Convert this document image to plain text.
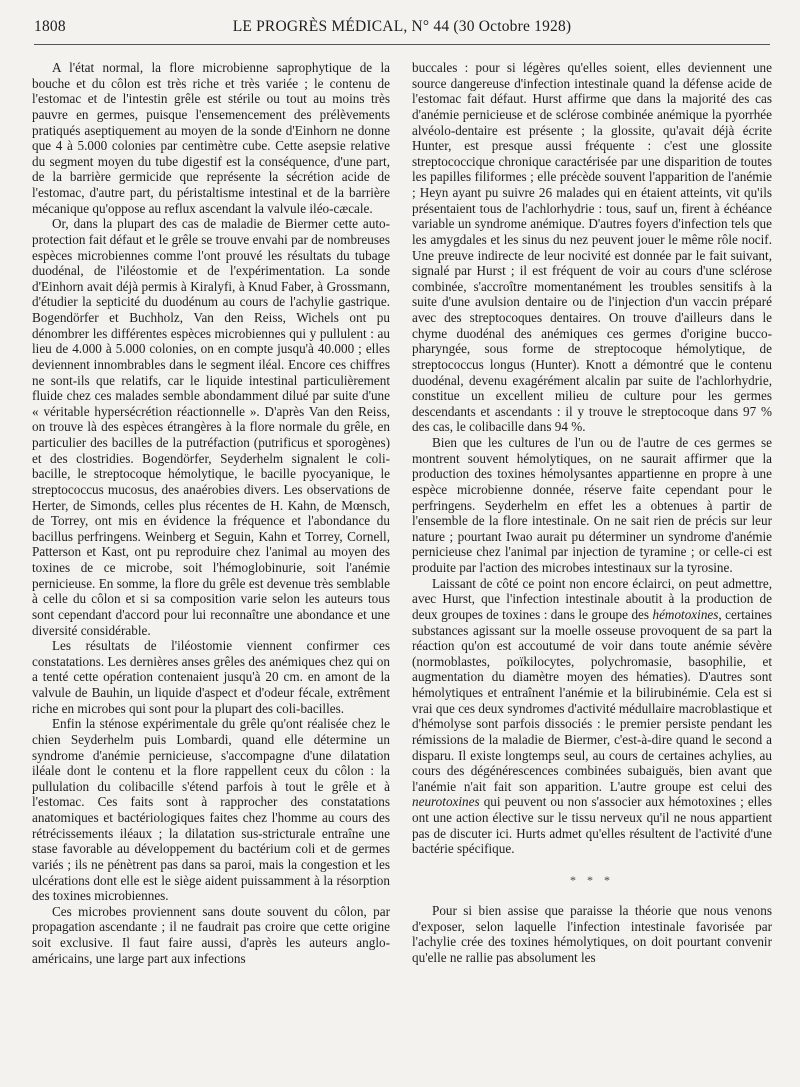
1808	LE PROGRÈS MÉDICAL, N° 44 (30 Octobre 1928)

A l'état normal, la flore microbienne saprophytique de la bouche et du côlon est très riche et très variée ; le contenu de l'estomac et de l'intestin grêle est stérile ou tout au moins très pauvre en germes, puisque l'ensemencement des prélèvements pratiqués aseptiquement au moyen de la sonde d'Einhorn ne donne que 4 à 5.000 colonies par centimètre cube. Cette asepsie relative du segment moyen du tube digestif est la conséquence, d'une part, de la barrière germicide que représente la sécrétion acide de l'estomac, d'autre part, du péristaltisme intestinal et de la barrière mécanique qu'oppose au reflux ascendant la valvule iléo-cæcale.

Or, dans la plupart des cas de maladie de Biermer cette auto-protection fait défaut et le grêle se trouve envahi par de nombreuses espèces microbiennes comme l'ont prouvé les résultats du tubage duodénal, de l'iléostomie et de l'expérimentation. La sonde d'Einhorn avait déjà permis à Kiralyfi, à Knud Faber, à Grossmann, d'étudier la septicité du duodénum au cours de l'achylie gastrique. Bogendörfer et Buchholz, Van den Reiss, Wichels ont pu dénombrer les différentes espèces microbiennes qui y pullulent : au lieu de 4.000 à 5.000 colonies, on en compte jusqu'à 40.000 ; elles deviennent innombrables dans le segment iléal. Encore ces chiffres ne sont-ils que relatifs, car le liquide intestinal particulièrement fluide chez ces malades semble abondamment dilué par suite d'une « véritable hypersécrétion réactionnelle ». D'après Van den Reiss, on trouve là des espèces étrangères à la flore normale du grêle, en particulier des bacilles de la putréfaction (putrificus et sporogènes) et des clostridies. Bogendörfer, Seyderhelm signalent le coli-bacille, le streptocoque hémolytique, le bacille pyocyanique, le streptococcus mucosus, des anaérobies divers. Les observations de Herter, de Simonds, celles plus récentes de H. Kahn, de Mœnsch, de Torrey, ont mis en évidence la fréquence et l'abondance du bacillus perfringens. Weinberg et Seguin, Kahn et Torrey, Cornell, Patterson et Kast, ont pu reproduire chez l'animal au moyen des toxines de ce microbe, soit l'hémoglobinurie, soit l'anémie pernicieuse. En somme, la flore du grêle est devenue très semblable à celle du côlon et si sa composition varie selon les auteurs tous sont cependant d'accord pour lui reconnaître une abondance et une diversité considérable.

Les résultats de l'iléostomie viennent confirmer ces constatations. Les dernières anses grêles des anémiques chez qui on a tenté cette opération contenaient jusqu'à 20 cm. en amont de la valvule de Bauhin, un liquide d'aspect et d'odeur fécale, extrêment riche en microbes qui sont pour la plupart des coli-bacilles.

Enfin la sténose expérimentale du grêle qu'ont réalisée chez le chien Seyderhelm puis Lombardi, quand elle détermine un syndrome d'anémie pernicieuse, s'accompagne d'une dilatation iléale dont le contenu et la flore rappellent ceux du côlon : la pullulation du colibacille s'étend parfois à tout le grêle et à l'estomac. Ces faits sont à rapprocher des constatations anatomiques et bactériologiques faites chez l'homme au cours des rétrécissements iléaux ; la dilatation sus-stricturale entraîne une stase favorable au développement du bactérium coli et de germes variés ; ils ne pénètrent pas dans sa paroi, mais la congestion et les ulcérations dont elle est le siège aident puissamment à la résorption des toxines microbiennes.

Ces microbes proviennent sans doute souvent du côlon, par propagation ascendante ; il ne faudrait pas croire que cette origine soit exclusive. Il faut faire aussi, d'après les auteurs anglo-américains, une large part aux infections

buccales : pour si légères qu'elles soient, elles deviennent une source dangereuse d'infection intestinale quand la défense acide de l'estomac fait défaut. Hurst affirme que dans la majorité des cas d'anémie pernicieuse et de sclérose combinée anémique la pyorrhée alvéolo-dentaire est présente ; la glossite, qu'avait déjà écrite Hunter, est presque aussi fréquente : c'est une glossite streptococcique chronique caractérisée par une disparition de toutes les papilles filiformes ; elle précède souvent l'apparition de l'anémie ; Heyn ayant pu suivre 26 malades qui en étaient atteints, vit qu'ils présentaient tous de l'achlorhydrie : tous, sauf un, firent à échéance variable un syndrome anémique. D'autres foyers d'infection tels que les amygdales et les sinus du nez peuvent jouer le même rôle nocif. Une preuve indirecte de leur nocivité est donnée par le fait suivant, signalé par Hurst ; il est fréquent de voir au cours d'une sclérose combinée, s'accroître momentanément les troubles sensitifs à la suite d'une avulsion dentaire ou de l'injection d'un vaccin préparé avec des streptocoques dentaires. On trouve d'ailleurs dans le chyme duodénal des anémiques ces germes d'origine bucco-pharyngée, sous forme de streptocoque hémolytique, de streptococcus longus (Hunter). Knott a démontré que le contenu duodénal, devenu exagérément alcalin par suite de l'achlorhydrie, constitue un excellent milieu de culture pour les germes descendants et ascendants : il y trouve le streptocoque dans 97 % des cas, le colibacille dans 94 %.

Bien que les cultures de l'un ou de l'autre de ces germes se montrent souvent hémolytiques, on ne saurait affirmer que la production des toxines hémolysantes appartienne en propre à une espèce microbienne donnée, réserve faite cependant pour le perfringens. Seyderhelm en effet les a obtenues à partir de l'ensemble de la flore intestinale. On ne sait rien de précis sur leur nature ; pourtant Iwao aurait pu déterminer un syndrome d'anémie pernicieuse chez l'animal par injection de tyramine ; or celle-ci est produite par l'action des microbes intestinaux sur la tyrosine.

Laissant de côté ce point non encore éclairci, on peut admettre, avec Hurst, que l'infection intestinale aboutit à la production de deux groupes de toxines : dans le groupe des hémotoxines, certaines substances agissant sur la moelle osseuse provoquent de sa part la réaction qu'on est accoutumé de voir dans toute anémie sévère (normoblastes, poïkilocytes, polychromasie, basophilie, et augmentation du diamètre moyen des hématies). D'autres sont hémolytiques et entraînent l'anémie et la bilirubinémie. Cela est si vrai que ces deux syndromes d'activité médullaire macroblastique et d'hémolyse sont parfois dissociés : le premier persiste pendant les rémissions de la maladie de Biermer, c'est-à-dire quand le second a disparu. Il existe longtemps seul, au cours de certaines achylies, au cours des dégénérescences combinées subaiguës, bien avant que l'anémie n'ait fait son apparition. L'autre groupe est celui des neurotoxines qui peuvent ou non s'associer aux hémotoxines ; elles ont une action élective sur le tissu nerveux qu'il ne nous appartient pas de discuter ici. Hurts admet qu'elles résultent de l'activité d'une bactérie spécifique.

* * *

Pour si bien assise que paraisse la théorie que nous venons d'exposer, selon laquelle l'infection intestinale favorisée par l'achylie crée des toxines hémolytiques, on doit pourtant convenir qu'elle ne rallie pas absolument les
